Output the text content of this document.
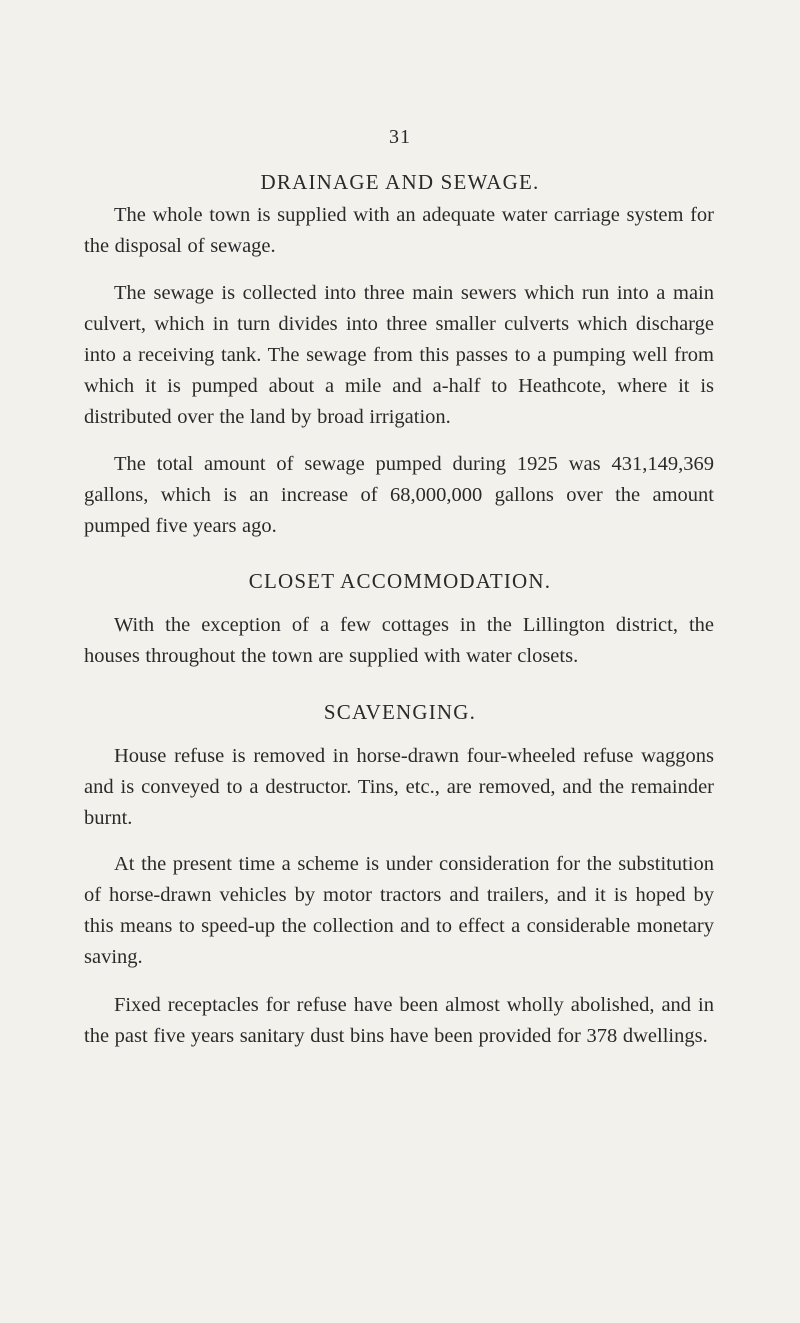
31
DRAINAGE AND SEWAGE.

The whole town is supplied with an adequate water carriage system for the disposal of sewage.

The sewage is collected into three main sewers which run into a main culvert, which in turn divides into three smaller culverts which discharge into a receiving tank. The sewage from this passes to a pumping well from which it is pumped about a mile and a-half to Heathcote, where it is distributed over the land by broad irrigation.

The total amount of sewage pumped during 1925 was 431,149,369 gallons, which is an increase of 68,000,000 gallons over the amount pumped five years ago.

CLOSET ACCOMMODATION.

With the exception of a few cottages in the Lillington district, the houses throughout the town are supplied with water closets.

SCAVENGING.

House refuse is removed in horse-drawn four-wheeled refuse waggons and is conveyed to a destructor. Tins, etc., are removed, and the remainder burnt.

At the present time a scheme is under consideration for the substitution of horse-drawn vehicles by motor tractors and trailers, and it is hoped by this means to speed-up the collection and to effect a considerable monetary saving.

Fixed receptacles for refuse have been almost wholly abolished, and in the past five years sanitary dust bins have been provided for 378 dwellings.
